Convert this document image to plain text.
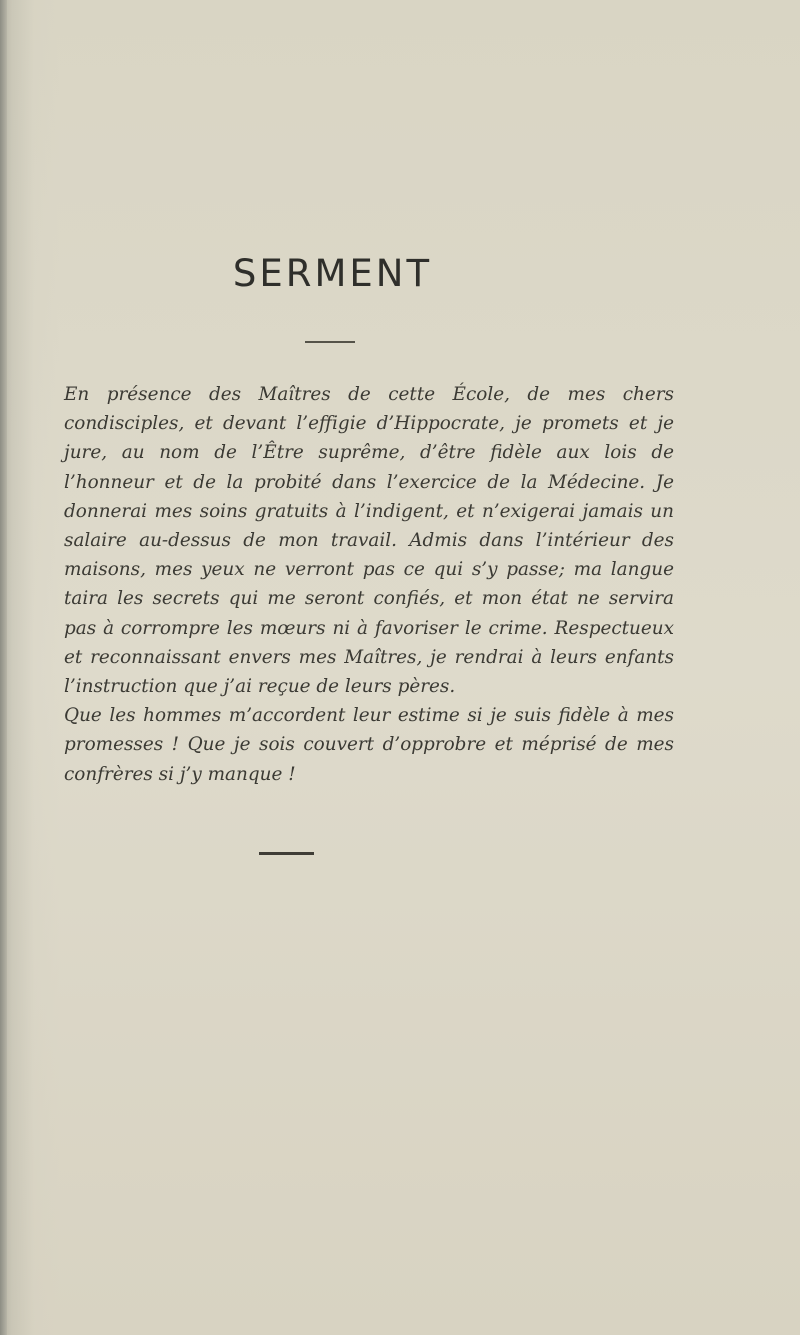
SERMENT

En présence des Maîtres de cette École, de mes chers condisciples, et devant l’effigie d’Hippocrate, je promets et je jure, au nom de l’Être suprême, d’être fidèle aux lois de l’honneur et de la probité dans l’exercice de la Médecine. Je donnerai mes soins gratuits à l’indigent, et n’exigerai jamais un salaire au-dessus de mon travail. Admis dans l’intérieur des maisons, mes yeux ne verront pas ce qui s’y passe; ma langue taira les secrets qui me seront confiés, et mon état ne servira pas à corrompre les mœurs ni à favoriser le crime. Respectueux et reconnaissant envers mes Maîtres, je rendrai à leurs enfants l’instruction que j’ai reçue de leurs pères.

Que les hommes m’accordent leur estime si je suis fidèle à mes promesses ! Que je sois couvert d’opprobre et méprisé de mes confrères si j’y manque !
